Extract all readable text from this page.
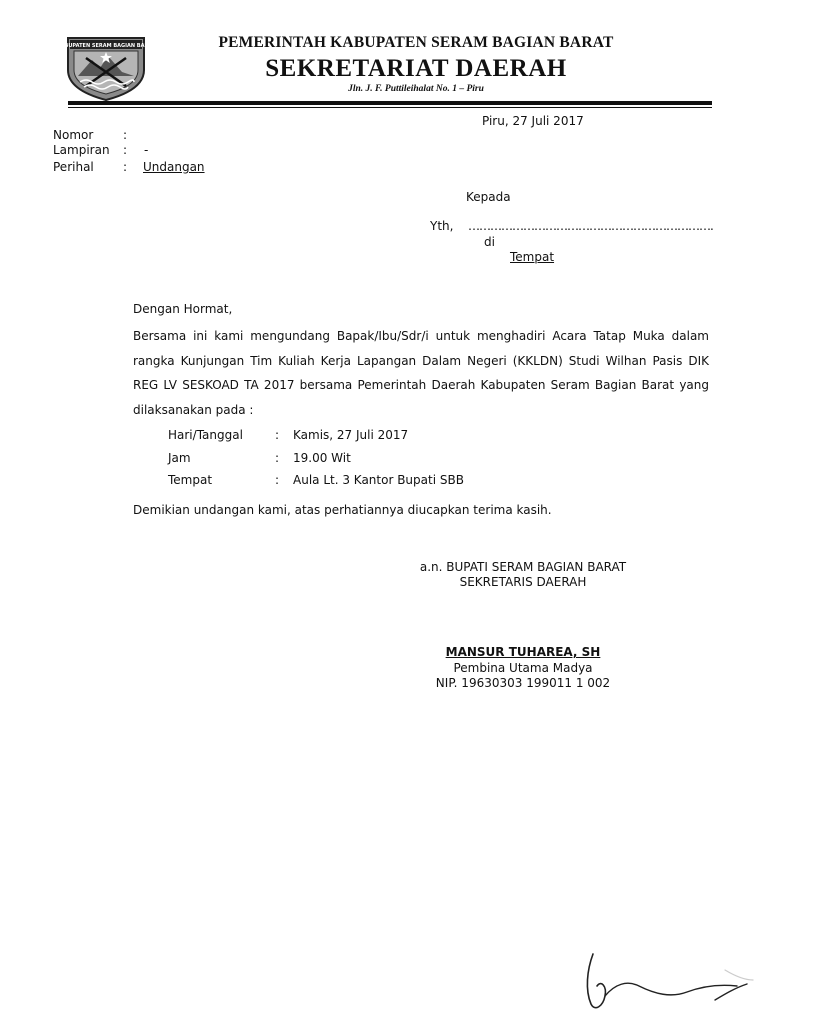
KABUPATEN SERAM BAGIAN BARAT	PEMERINTAH KABUPATEN SERAM BAGIAN BARAT
SEKRETARIAT DAERAH
Jln. J. F. Puttileihalat No. 1 – Piru
Piru, 27 Juli 2017
Nomor :
Lampiran : -
Perihal : Undangan
Kepada
Yth, ………………………………………………………….
di
Tempat
Dengan Hormat,
Bersama ini kami mengundang Bapak/Ibu/Sdr/i untuk menghadiri Acara Tatap Muka dalam rangka Kunjungan Tim Kuliah Kerja Lapangan Dalam Negeri (KKLDN) Studi Wilhan Pasis DIK REG LV SESKOAD TA 2017 bersama Pemerintah Daerah Kabupaten Seram Bagian Barat yang dilaksanakan pada :
Hari/Tanggal	: Kamis, 27 Juli 2017
Jam	: 19.00 Wit
Tempat	: Aula Lt. 3 Kantor Bupati SBB
Demikian undangan kami, atas perhatiannya diucapkan terima kasih.
a.n. BUPATI SERAM BAGIAN BARAT
SEKRETARIS DAERAH
MANSUR TUHAREA, SH
Pembina Utama Madya
NIP. 19630303 199011 1 002
